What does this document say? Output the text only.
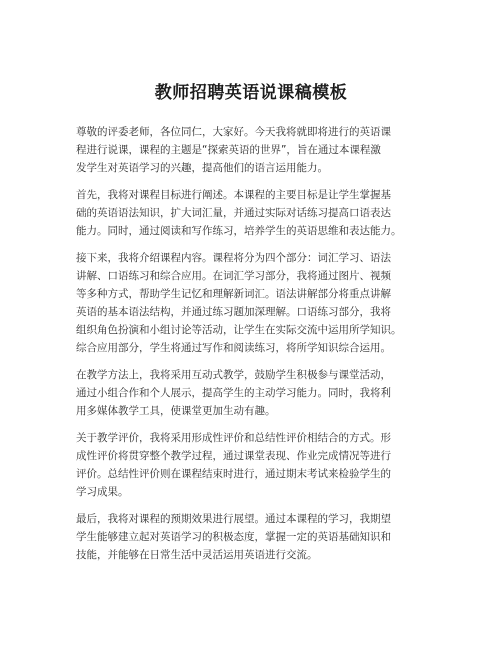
教师招聘英语说课稿模板

尊敬的评委老师，各位同仁，大家好。今天我将就即将进行的英语课
程进行说课，课程的主题是“探索英语的世界”，旨在通过本课程激
发学生对英语学习的兴趣，提高他们的语言运用能力。

首先，我将对课程目标进行阐述。本课程的主要目标是让学生掌握基
础的英语语法知识，扩大词汇量，并通过实际对话练习提高口语表达
能力。同时，通过阅读和写作练习，培养学生的英语思维和表达能力。

接下来，我将介绍课程内容。课程将分为四个部分：词汇学习、语法
讲解、口语练习和综合应用。在词汇学习部分，我将通过图片、视频
等多种方式，帮助学生记忆和理解新词汇。语法讲解部分将重点讲解
英语的基本语法结构，并通过练习题加深理解。口语练习部分，我将
组织角色扮演和小组讨论等活动，让学生在实际交流中运用所学知识。
综合应用部分，学生将通过写作和阅读练习，将所学知识综合运用。

在教学方法上，我将采用互动式教学，鼓励学生积极参与课堂活动，
通过小组合作和个人展示，提高学生的主动学习能力。同时，我将利
用多媒体教学工具，使课堂更加生动有趣。

关于教学评价，我将采用形成性评价和总结性评价相结合的方式。形
成性评价将贯穿整个教学过程，通过课堂表现、作业完成情况等进行
评价。总结性评价则在课程结束时进行，通过期末考试来检验学生的
学习成果。

最后，我将对课程的预期效果进行展望。通过本课程的学习，我期望
学生能够建立起对英语学习的积极态度，掌握一定的英语基础知识和
技能，并能够在日常生活中灵活运用英语进行交流。
